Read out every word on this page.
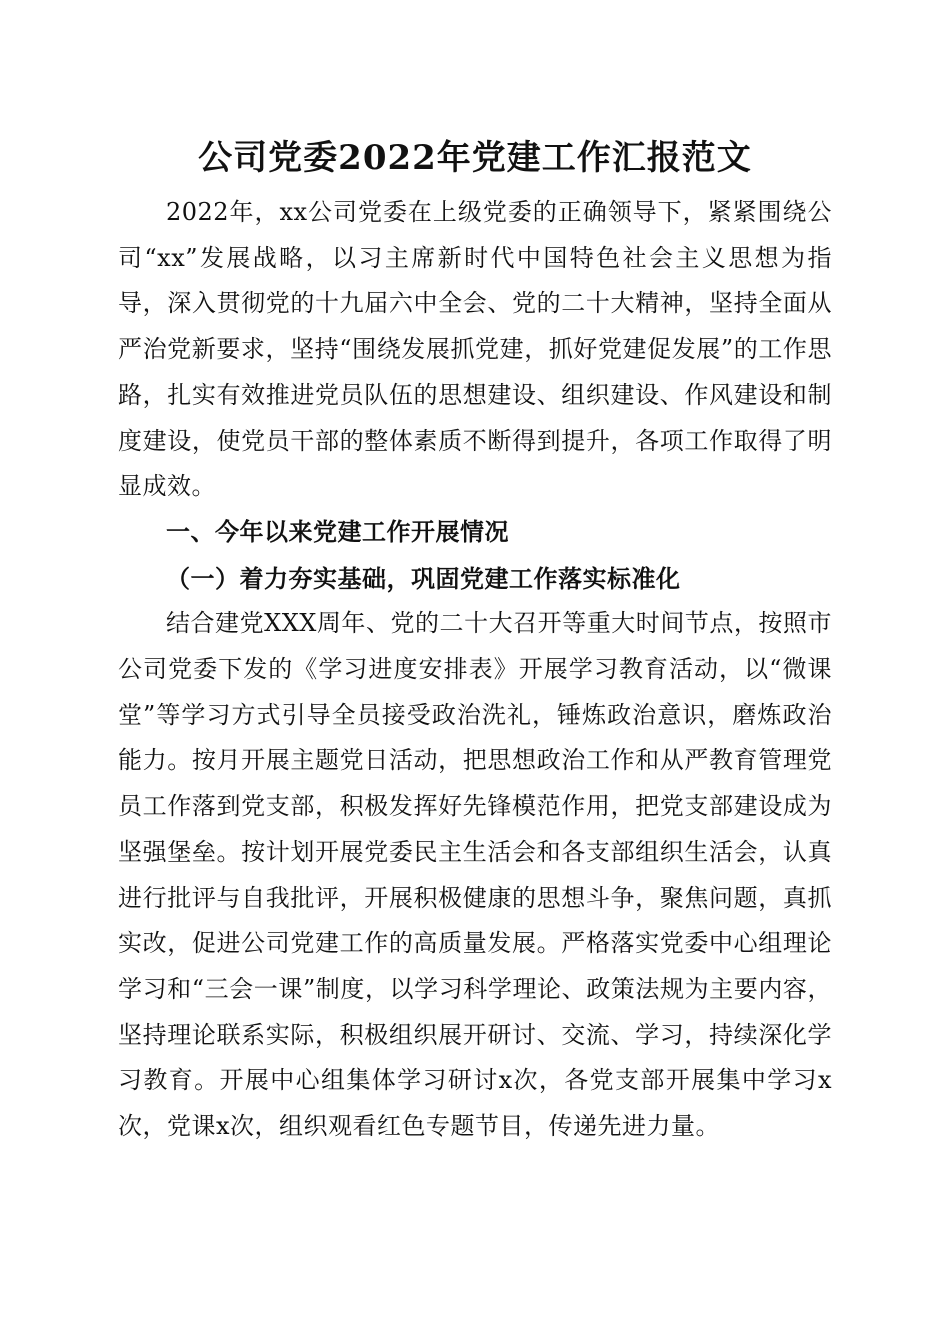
公司党委2022年党建工作汇报范文

2022年，xx公司党委在上级党委的正确领导下，紧紧围绕公司“xx”发展战略，以习主席新时代中国特色社会主义思想为指导，深入贯彻党的十九届六中全会、党的二十大精神，坚持全面从严治党新要求，坚持“围绕发展抓党建，抓好党建促发展”的工作思路，扎实有效推进党员队伍的思想建设、组织建设、作风建设和制度建设，使党员干部的整体素质不断得到提升，各项工作取得了明显成效。

一、今年以来党建工作开展情况

（一）着力夯实基础，巩固党建工作落实标准化

结合建党XXX周年、党的二十大召开等重大时间节点，按照市公司党委下发的《学习进度安排表》开展学习教育活动，以“微课堂”等学习方式引导全员接受政治洗礼，锤炼政治意识，磨炼政治能力。按月开展主题党日活动，把思想政治工作和从严教育管理党员工作落到党支部，积极发挥好先锋模范作用，把党支部建设成为坚强堡垒。按计划开展党委民主生活会和各支部组织生活会，认真进行批评与自我批评，开展积极健康的思想斗争，聚焦问题，真抓实改，促进公司党建工作的高质量发展。严格落实党委中心组理论学习和“三会一课”制度，以学习科学理论、政策法规为主要内容，坚持理论联系实际，积极组织展开研讨、交流、学习，持续深化学习教育。开展中心组集体学习研讨x次，各党支部开展集中学习x次，党课x次，组织观看红色专题节目，传递先进力量。
